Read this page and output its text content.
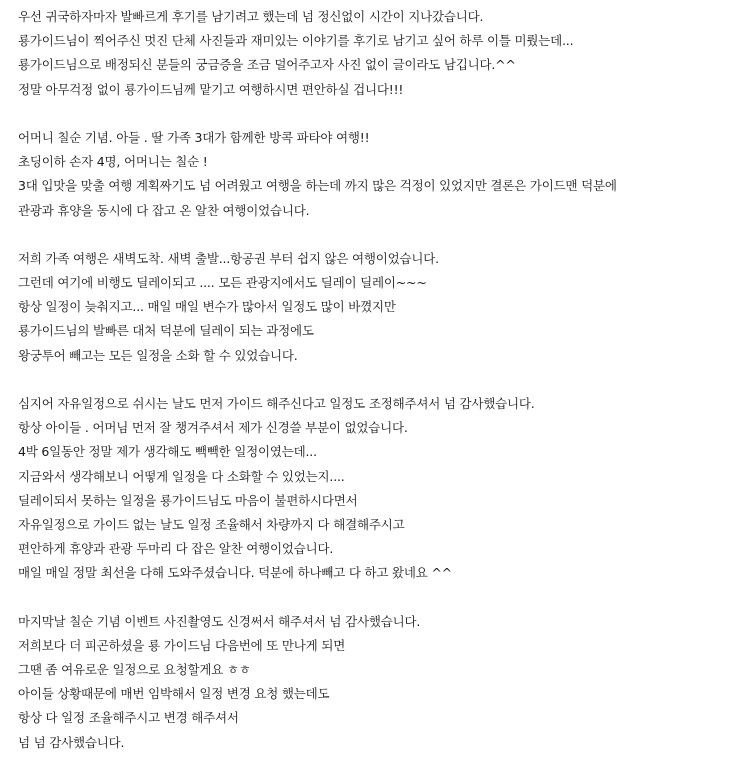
우선 귀국하자마자 발빠르게 후기를 남기려고 했는데 넘 정신없이 시간이 지나갔습니다.
룡가이드님이 찍어주신 멋진 단체 사진들과 재미있는 이야기를 후기로 남기고 싶어 하루 이틀 미뤘는데...
룡가이드님으로 배정되신 분들의 궁금증을 조금 덜어주고자 사진 없이 글이라도 남깁니다.^^
정말 아무걱정 없이 룡가이드님께 맡기고 여행하시면 편안하실 겁니다!!!
어머니 칠순 기념. 아들 . 딸 가족 3대가 함께한 방콕 파타야 여행!!
초딩이하 손자 4명, 어머니는 칠순 !
3대 입맛을 맞출 여행 계획짜기도 넘 어려웠고 여행을 하는데 까지 많은 걱정이 있었지만 결론은 가이드맨 덕분에
관광과 휴양을 동시에 다 잡고 온 알찬 여행이었습니다.
저희 가족 여행은 새벽도착. 새벽 출발...항공권 부터 쉽지 않은 여행이었습니다.
그런데 여기에 비행도 딜레이되고 .... 모든 관광지에서도 딜레이 딜레이~~~
항상 일정이 늦춰지고... 매일 매일 변수가 많아서 일정도 많이 바꼈지만
룡가이드님의 발빠른 대처 덕분에 딜레이 되는 과정에도
왕궁투어 빼고는 모든 일정을 소화 할 수 있었습니다.
심지어 자유일정으로 쉬시는 날도 먼저 가이드 해주신다고 일정도 조정해주셔서 넘 감사했습니다.
항상 아이들 . 어머님 먼저 잘 챙겨주셔서 제가 신경쓸 부분이 없었습니다.
4박 6일동안 정말 제가 생각해도 빽빽한 일정이였는데...
지금와서 생각해보니 어떻게 일정을 다 소화할 수 있었는지....
딜레이되서 못하는 일정을 룡가이드님도 마음이 불편하시다면서
자유일정으로 가이드 없는 날도 일정 조율해서 차량까지 다 해결해주시고
편안하게 휴양과 관광 두마리 다 잡은 알찬 여행이었습니다.
매일 매일 정말 최선을 다해 도와주셨습니다. 덕분에 하나빼고 다 하고 왔네요 ^^
마지막날 칠순 기념 이벤트 사진촬영도 신경써서 해주셔서 넘 감사했습니다.
저희보다 더 피곤하셨을 룡 가이드님 다음번에 또 만나게 되면
그땐 좀 여유로운 일정으로 요청할게요 ㅎㅎ
아이들 상황때문에 매번 임박해서 일정 변경 요청 했는데도
항상 다 일정 조율해주시고 변경 해주셔서
넘 넘 감사했습니다.
